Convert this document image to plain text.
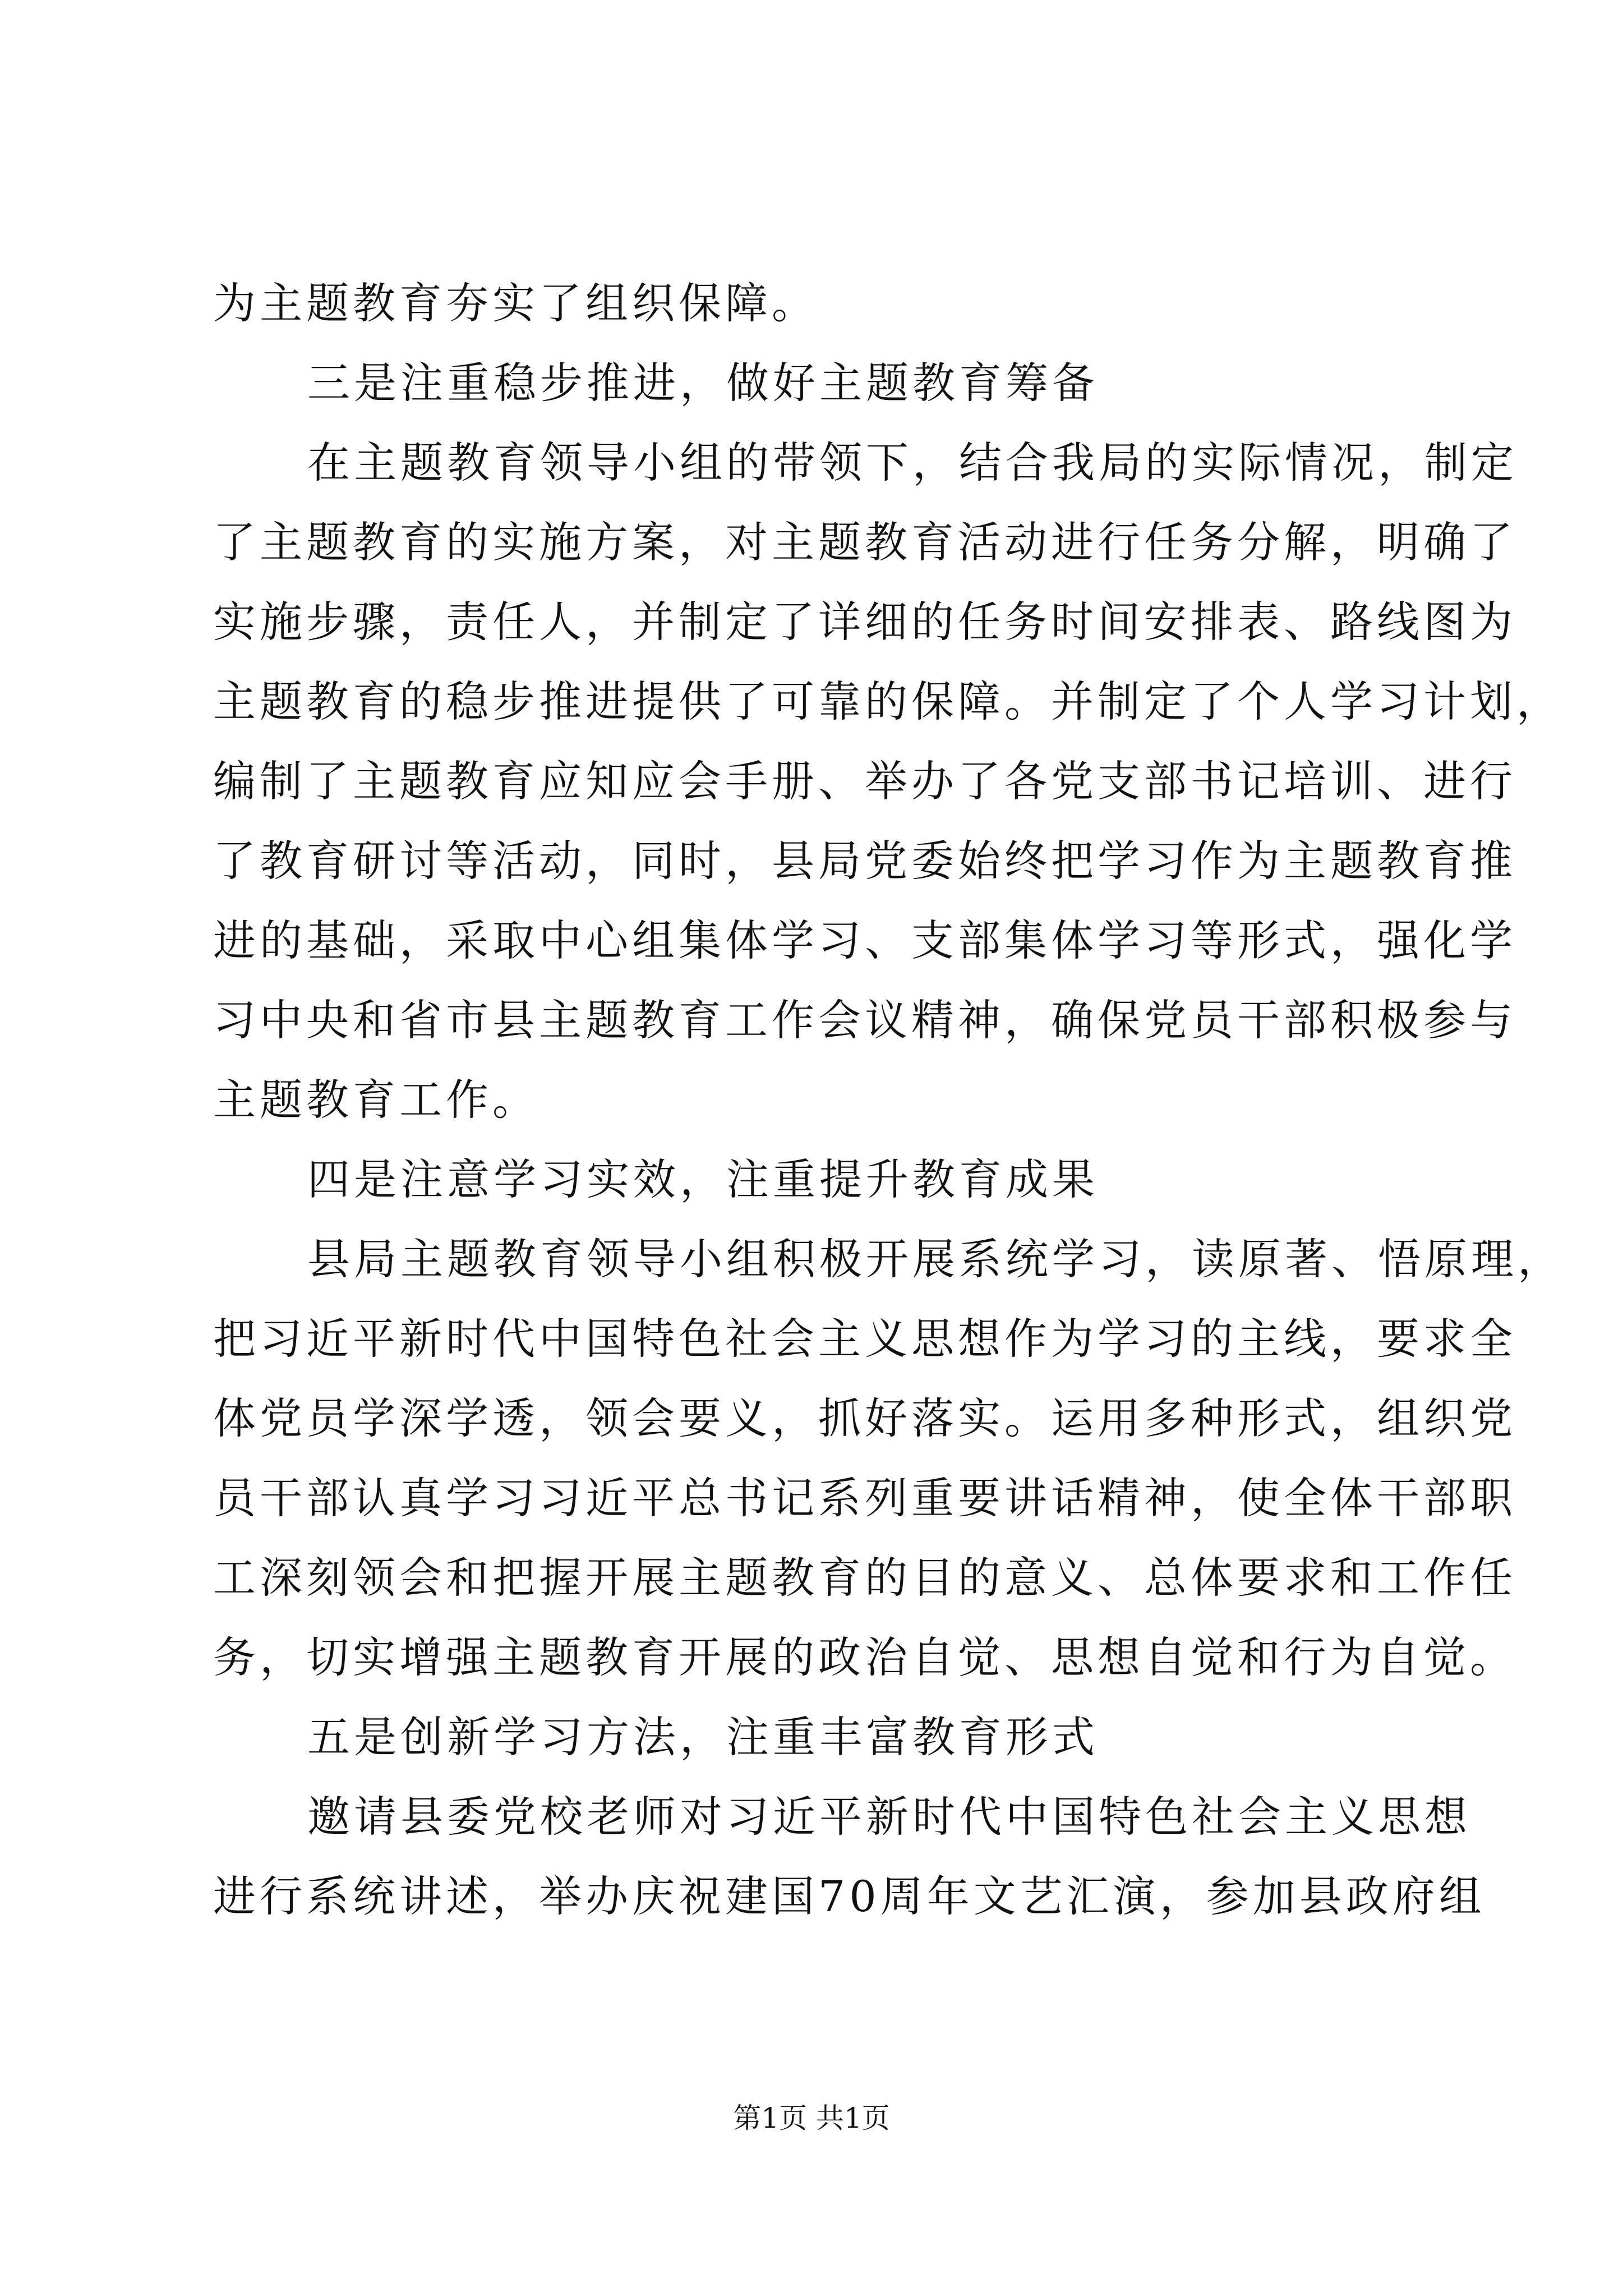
为主题教育夯实了组织保障。
三是注重稳步推进，做好主题教育筹备
在主题教育领导小组的带领下，结合我局的实际情况，制定
了主题教育的实施方案，对主题教育活动进行任务分解，明确了
实施步骤，责任人，并制定了详细的任务时间安排表、路线图为
主题教育的稳步推进提供了可靠的保障。并制定了个人学习计划，
编制了主题教育应知应会手册、举办了各党支部书记培训、进行
了教育研讨等活动，同时，县局党委始终把学习作为主题教育推
进的基础，采取中心组集体学习、支部集体学习等形式，强化学
习中央和省市县主题教育工作会议精神，确保党员干部积极参与
主题教育工作。
四是注意学习实效，注重提升教育成果
县局主题教育领导小组积极开展系统学习，读原著、悟原理，
把习近平新时代中国特色社会主义思想作为学习的主线，要求全
体党员学深学透，领会要义，抓好落实。运用多种形式，组织党
员干部认真学习习近平总书记系列重要讲话精神，使全体干部职
工深刻领会和把握开展主题教育的目的意义、总体要求和工作任
务，切实增强主题教育开展的政治自觉、思想自觉和行为自觉。
五是创新学习方法，注重丰富教育形式
邀请县委党校老师对习近平新时代中国特色社会主义思想
进行系统讲述，举办庆祝建国70周年文艺汇演，参加县政府组
第1页 共1页
